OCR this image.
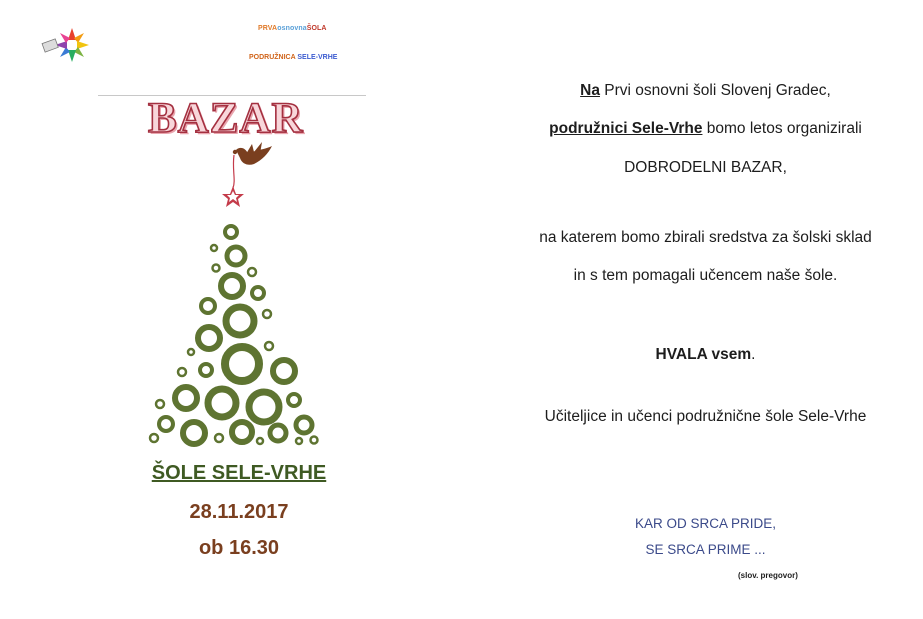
PRVAosnovnaŠOLA
PODRUŽNICA SELE-VRHE
BAZAR
ŠOLE SELE-VRHE
28.11.2017
ob 16.30
Na Prvi osnovni šoli Slovenj Gradec,
podružnici Sele-Vrhe bomo letos organizirali
DOBRODELNI BAZAR,
na katerem bomo zbirali sredstva za šolski sklad
in s tem pomagali učencem naše šole.
HVALA vsem.
Učiteljice in učenci podružnične šole Sele-Vrhe
KAR OD SRCA PRIDE,
SE SRCA PRIME ...
(slov. pregovor)
